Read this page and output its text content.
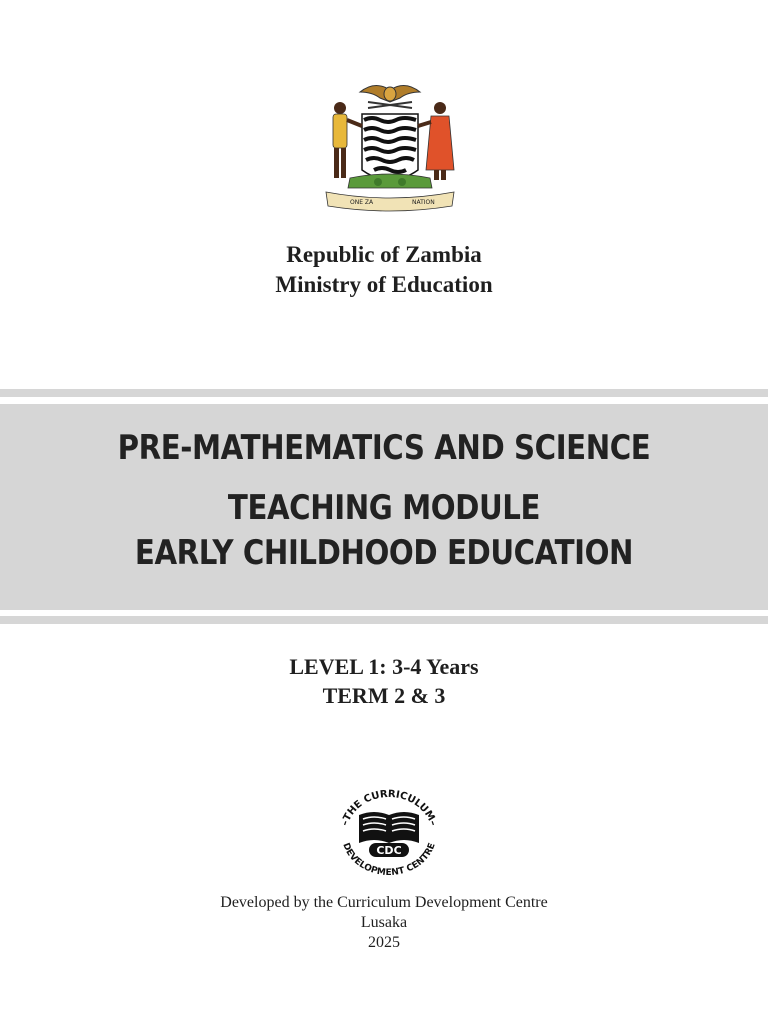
ONE ZA	NATION
Republic of Zambia
Ministry of Education
PRE-MATHEMATICS AND SCIENCE
TEACHING MODULE
EARLY CHILDHOOD EDUCATION
LEVEL 1: 3-4 Years
TERM 2 & 3
–THE CURRICULUM–
DEVELOPMENT CENTRE
CDC
Developed by the Curriculum Development Centre
Lusaka
2025
